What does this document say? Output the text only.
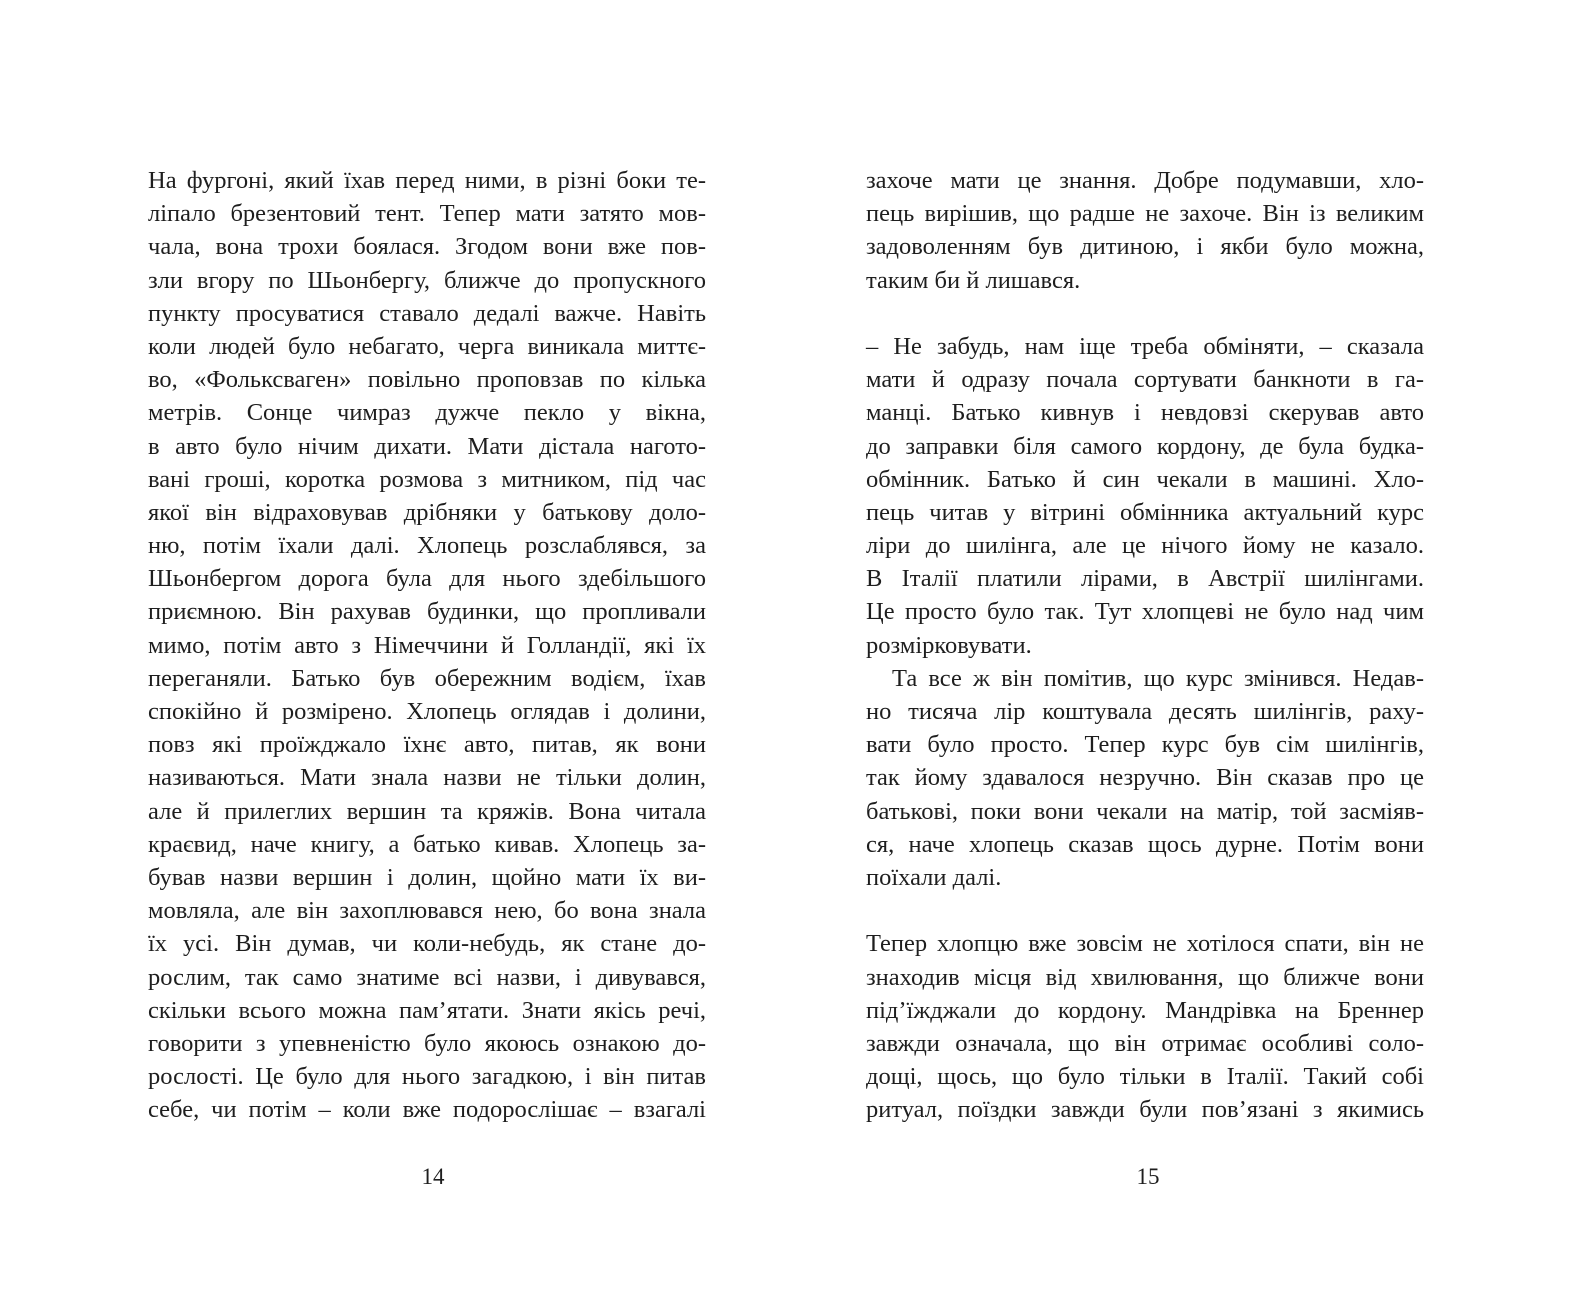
На фургоні, який їхав перед ними, в різні боки те-
ліпало брезентовий тент. Тепер мати затято мов-
чала, вона трохи боялася. Згодом вони вже пов-
зли вгору по Шьонбергу, ближче до пропускного
пункту просуватися ставало дедалі важче. Навіть
коли людей було небагато, черга виникала миттє-
во, «Фольксваген» повільно проповзав по кілька
метрів. Сонце чимраз дужче пекло у вікна,
в авто було нічим дихати. Мати дістала нагото-
вані гроші, коротка розмова з митником, під час
якої він відраховував дрібняки у батькову доло-
ню, потім їхали далі. Хлопець розслаблявся, за
Шьонбергом дорога була для нього здебільшого
приємною. Він рахував будинки, що пропливали
мимо, потім авто з Німеччини й Голландії, які їх
переганяли. Батько був обережним водієм, їхав
спокійно й розмірено. Хлопець оглядав і долини,
повз які проїжджало їхнє авто, питав, як вони
називаються. Мати знала назви не тільки долин,
але й прилеглих вершин та кряжів. Вона читала
краєвид, наче книгу, а батько кивав. Хлопець за-
бував назви вершин і долин, щойно мати їх ви-
мовляла, але він захоплювався нею, бо вона знала
їх усі. Він думав, чи коли-небудь, як стане до-
рослим, так само знатиме всі назви, і дивувався,
скільки всього можна пам’ятати. Знати якісь речі,
говорити з упевненістю було якоюсь ознакою до-
рослості. Це було для нього загадкою, і він питав
себе, чи потім – коли вже подорослішає – взагалі
14
захоче мати це знання. Добре подумавши, хло-
пець вирішив, що радше не захоче. Він із великим
задоволенням був дитиною, і якби було можна,
таким би й лишався.
– Не забудь, нам іще треба обміняти, – сказала
мати й одразу почала сортувати банкноти в га-
манці. Батько кивнув і невдовзі скерував авто
до заправки біля самого кордону, де була будка-
обмінник. Батько й син чекали в машині. Хло-
пець читав у вітрині обмінника актуальний курс
ліри до шилінга, але це нічого йому не казало.
В Італії платили лірами, в Австрії шилінгами.
Це просто було так. Тут хлопцеві не було над чим
розмірковувати.
Та все ж він помітив, що курс змінився. Недав-
но тисяча лір коштувала десять шилінгів, раху-
вати було просто. Тепер курс був сім шилінгів,
так йому здавалося незручно. Він сказав про це
батькові, поки вони чекали на матір, той засміяв-
ся, наче хлопець сказав щось дурне. Потім вони
поїхали далі.
Тепер хлопцю вже зовсім не хотілося спати, він не
знаходив місця від хвилювання, що ближче вони
під’їжджали до кордону. Мандрівка на Бреннер
завжди означала, що він отримає особливі соло-
дощі, щось, що було тільки в Італії. Такий собі
ритуал, поїздки завжди були пов’язані з якимись
15
